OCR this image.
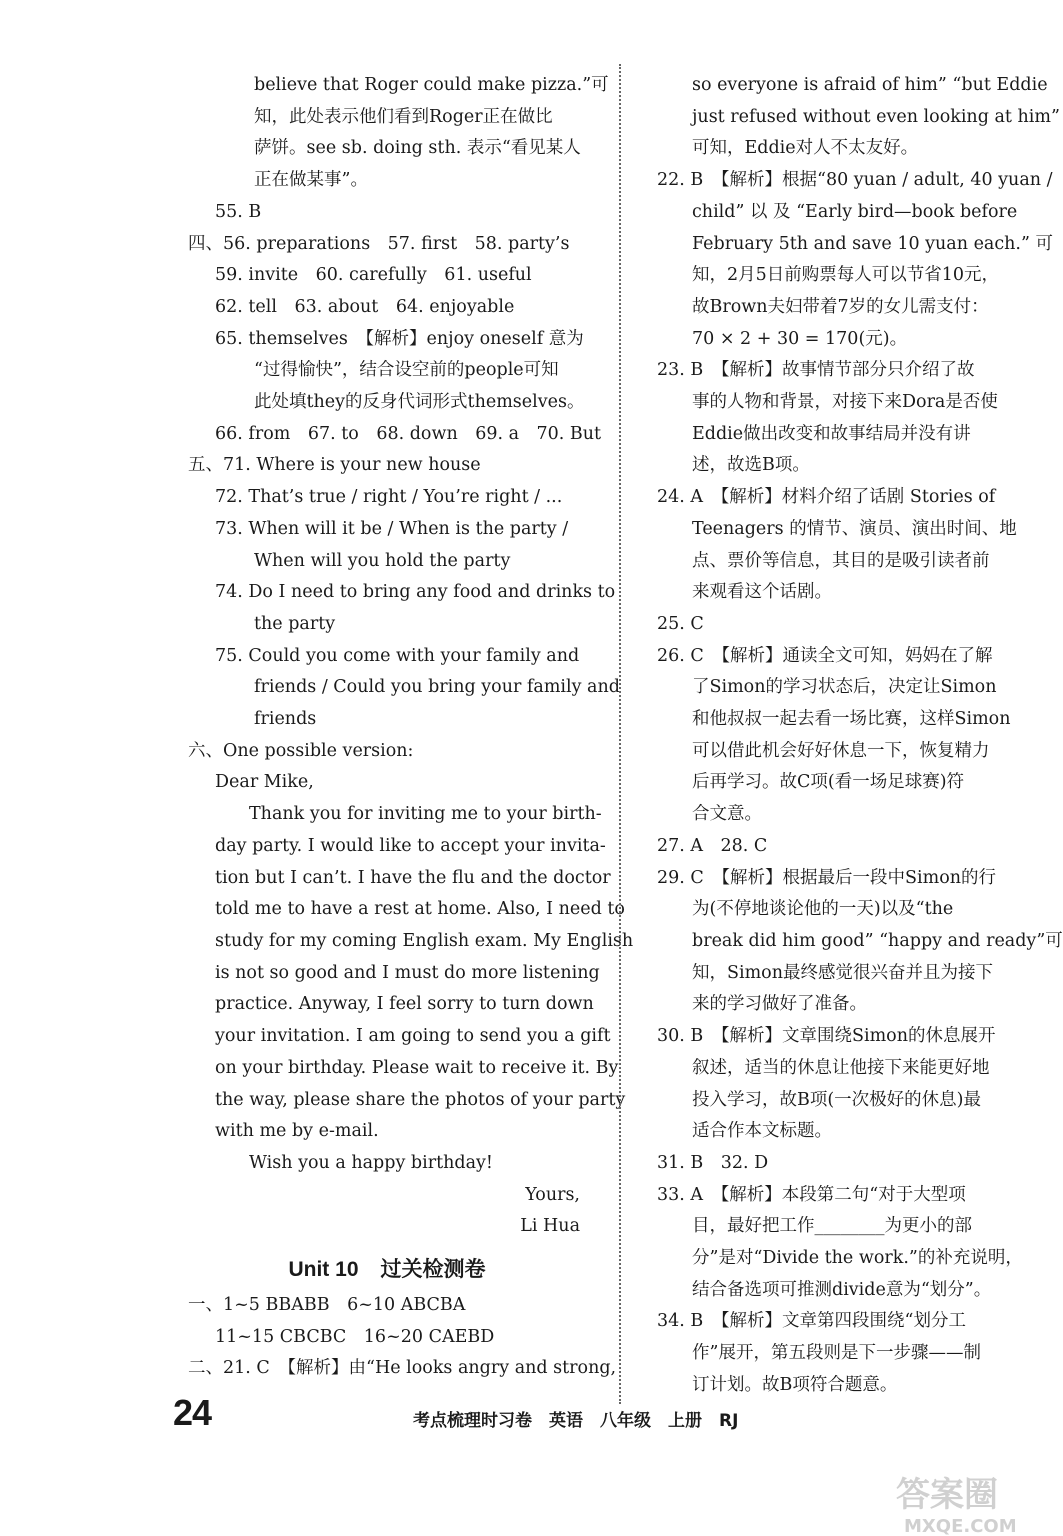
believe that Roger could make pizza.”可
知，此处表示他们看到Roger正在做比
萨饼。see sb. doing sth. 表示“看见某人
正在做某事”。
55. B
四、56. preparations　57. first　58. party’s
59. invite　60. carefully　61. useful
62. tell　63. about　64. enjoyable
65. themselves　【解析】enjoy oneself 意为
“过得愉快”，结合设空前的people可知
此处填they的反身代词形式themselves。
66. from　67. to　68. down　69. a　70. But
五、71. Where is your new house
72. That’s true / right / You’re right / ...
73. When will it be / When is the party /
When will you hold the party
74. Do I need to bring any food and drinks to
the party
75. Could you come with your family and
friends / Could you bring your family and
friends
六、One possible version:
Dear Mike,
Thank you for inviting me to your birth-
day party. I would like to accept your invita-
tion but I can’t. I have the flu and the doctor
told me to have a rest at home. Also, I need to
study for my coming English exam. My English
is not so good and I must do more listening
practice. Anyway, I feel sorry to turn down
your invitation. I am going to send you a gift
on your birthday. Please wait to receive it. By
the way, please share the photos of your party
with me by e-mail.
Wish you a happy birthday!
Yours,
Li Hua
Unit 10 过关检测卷
一、1~5 BBABB　6~10 ABCBA
11~15 CBCBC　16~20 CAEBD
二、21. C　【解析】由“He looks angry and strong,
so everyone is afraid of him” “but Eddie
just refused without even looking at him”
可知，Eddie对人不太友好。
22. B　【解析】根据“80 yuan / adult, 40 yuan /
child” 以 及 “Early bird—book before
February 5th and save 10 yuan each.” 可
知，2月5日前购票每人可以节省10元，
故Brown夫妇带着7岁的女儿需支付：
70 × 2 + 30 = 170(元)。
23. B　【解析】故事情节部分只介绍了故
事的人物和背景，对接下来Dora是否使
Eddie做出改变和故事结局并没有讲
述，故选B项。
24. A　【解析】材料介绍了话剧 Stories of
Teenagers 的情节、演员、演出时间、地
点、票价等信息，其目的是吸引读者前
来观看这个话剧。
25. C
26. C　【解析】通读全文可知，妈妈在了解
了Simon的学习状态后，决定让Simon
和他叔叔一起去看一场比赛，这样Simon
可以借此机会好好休息一下，恢复精力
后再学习。故C项(看一场足球赛)符
合文意。
27. A　28. C
29. C　【解析】根据最后一段中Simon的行
为(不停地谈论他的一天)以及“the
break did him good” “happy and ready”可
知，Simon最终感觉很兴奋并且为接下
来的学习做好了准备。
30. B　【解析】文章围绕Simon的休息展开
叙述，适当的休息让他接下来能更好地
投入学习，故B项(一次极好的休息)最
适合作本文标题。
31. B　32. D
33. A　【解析】本段第二句“对于大型项
目，最好把工作________为更小的部
分”是对“Divide the work.”的补充说明，
结合备选项可推测divide意为“划分”。
34. B　【解析】文章第四段围绕“划分工
作”展开，第五段则是下一步骤——制
订计划。故B项符合题意。
24	考点梳理时习卷　英语　八年级　上册　RJ
答案圈
MXQE.COM
